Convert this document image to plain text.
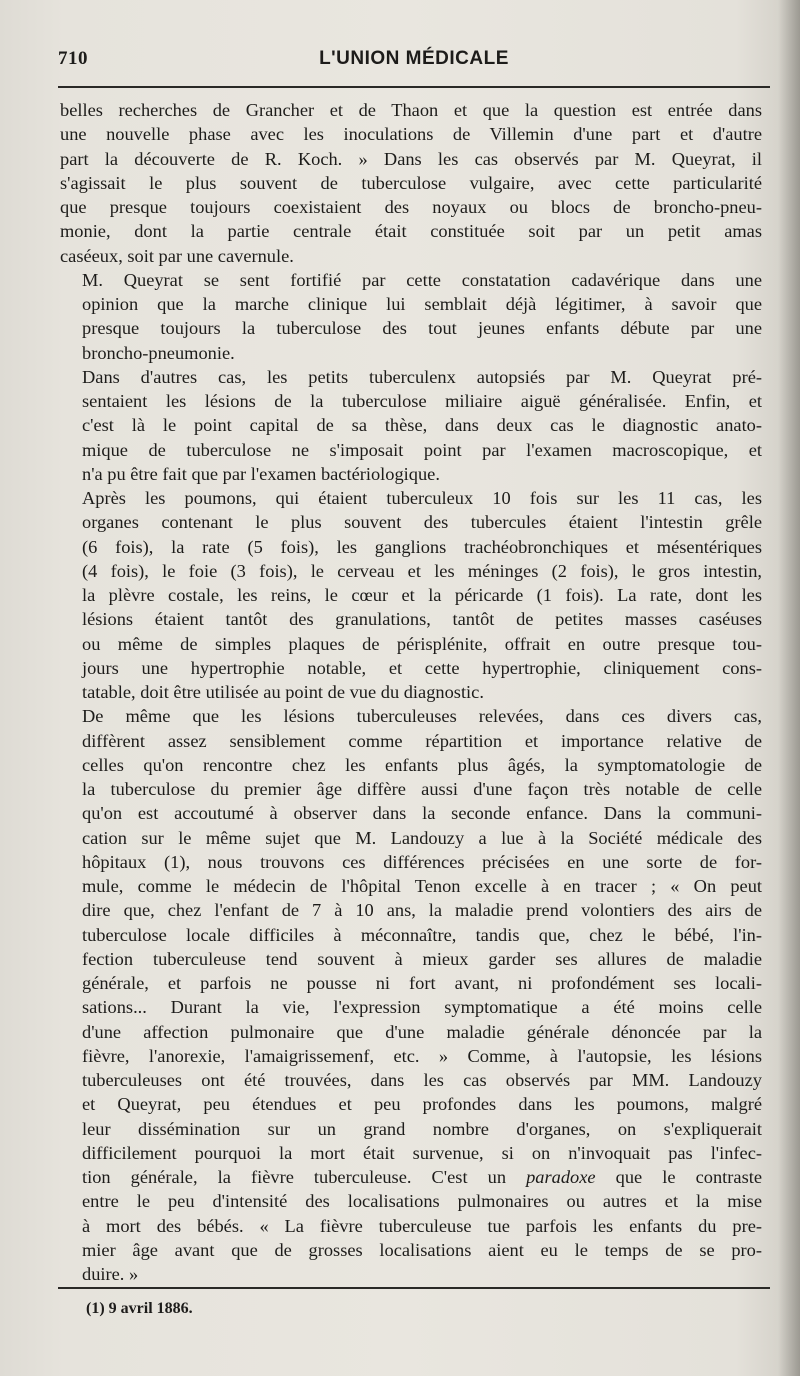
710	L'UNION MÉDICALE

belles recherches de Grancher et de Thaon et que la question est entrée dans
une nouvelle phase avec les inoculations de Villemin d'une part et d'autre
part la découverte de R. Koch. » Dans les cas observés par M. Queyrat, il
s'agissait le plus souvent de tuberculose vulgaire, avec cette particularité
que presque toujours coexistaient des noyaux ou blocs de broncho-pneu-
monie, dont la partie centrale était constituée soit par un petit amas
caséeux, soit par une cavernule.

M. Queyrat se sent fortifié par cette constatation cadavérique dans une
opinion que la marche clinique lui semblait déjà légitimer, à savoir que
presque toujours la tuberculose des tout jeunes enfants débute par une
broncho-pneumonie.

Dans d'autres cas, les petits tuberculenx autopsiés par M. Queyrat pré-
sentaient les lésions de la tuberculose miliaire aiguë généralisée. Enfin, et
c'est là le point capital de sa thèse, dans deux cas le diagnostic anato-
mique de tuberculose ne s'imposait point par l'examen macroscopique, et
n'a pu être fait que par l'examen bactériologique.

Après les poumons, qui étaient tuberculeux 10 fois sur les 11 cas, les
organes contenant le plus souvent des tubercules étaient l'intestin grêle
(6 fois), la rate (5 fois), les ganglions trachéobronchiques et mésentériques
(4 fois), le foie (3 fois), le cerveau et les méninges (2 fois), le gros intestin,
la plèvre costale, les reins, le cœur et la péricarde (1 fois). La rate, dont les
lésions étaient tantôt des granulations, tantôt de petites masses caséuses
ou même de simples plaques de périsplénite, offrait en outre presque tou-
jours une hypertrophie notable, et cette hypertrophie, cliniquement cons-
tatable, doit être utilisée au point de vue du diagnostic.

De même que les lésions tuberculeuses relevées, dans ces divers cas,
diffèrent assez sensiblement comme répartition et importance relative de
celles qu'on rencontre chez les enfants plus âgés, la symptomatologie de
la tuberculose du premier âge diffère aussi d'une façon très notable de celle
qu'on est accoutumé à observer dans la seconde enfance. Dans la communi-
cation sur le même sujet que M. Landouzy a lue à la Société médicale des
hôpitaux (1), nous trouvons ces différences précisées en une sorte de for-
mule, comme le médecin de l'hôpital Tenon excelle à en tracer ; « On peut
dire que, chez l'enfant de 7 à 10 ans, la maladie prend volontiers des airs de
tuberculose locale difficiles à méconnaître, tandis que, chez le bébé, l'in-
fection tuberculeuse tend souvent à mieux garder ses allures de maladie
générale, et parfois ne pousse ni fort avant, ni profondément ses locali-
sations... Durant la vie, l'expression symptomatique a été moins celle
d'une affection pulmonaire que d'une maladie générale dénoncée par la
fièvre, l'anorexie, l'amaigrissemenf, etc. » Comme, à l'autopsie, les lésions
tuberculeuses ont été trouvées, dans les cas observés par MM. Landouzy
et Queyrat, peu étendues et peu profondes dans les poumons, malgré
leur dissémination sur un grand nombre d'organes, on s'expliquerait
difficilement pourquoi la mort était survenue, si on n'invoquait pas l'infec-
tion générale, la fièvre tuberculeuse. C'est un paradoxe que le contraste
entre le peu d'intensité des localisations pulmonaires ou autres et la mise
à mort des bébés. « La fièvre tuberculeuse tue parfois les enfants du pre-
mier âge avant que de grosses localisations aient eu le temps de se pro-
duire. »

(1) 9 avril 1886.
